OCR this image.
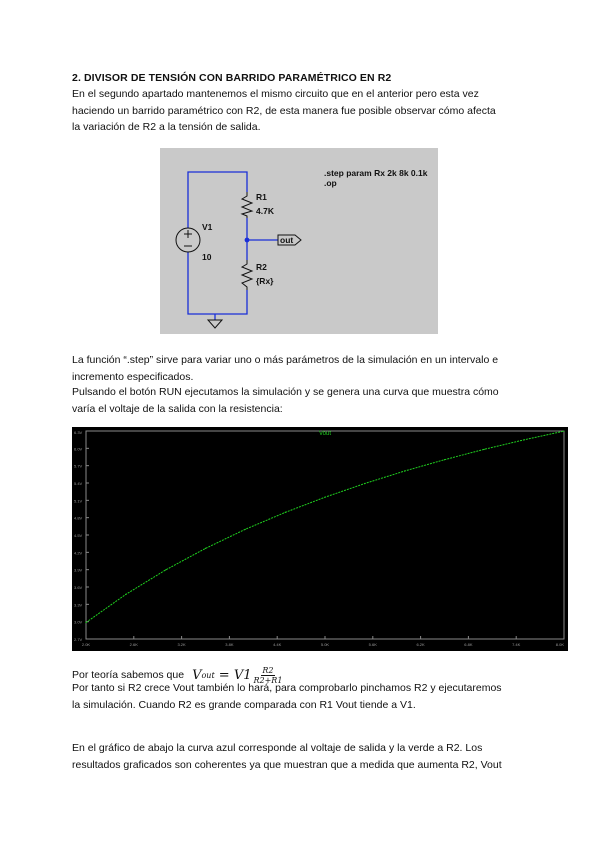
2. DIVISOR DE TENSIÓN CON BARRIDO PARAMÉTRICO EN R2

En el segundo apartado mantenemos el mismo circuito que en el anterior pero esta vez

haciendo un barrido paramétrico con R2, de esta manera fue posible observar cómo afecta

la variación de R2 a la tensión de salida.

R1
4.7K
V1
10
R2
{Rx}
out
.step param Rx 2k 8k 0.1k
.op

La función “.step” sirve para variar uno o más parámetros de la simulación en un intervalo e

incremento especificados.

Pulsando el botón RUN ejecutamos la simulación y se genera una curva que muestra cómo

varía el voltaje de la salida con la resistencia:

Vout
6.3V
6.0V
5.7V
5.4V
5.1V
4.8V
4.5V
4.2V
3.9V
3.6V
3.3V
3.0V
2.7V
2.0K	2.6K	3.2K	3.8K	4.4K	5.0K	5.6K	6.2K	6.8K	7.4K	8.0K
Por teoría sabemos que V out = $V1 \frac{R2}{R2+R1}$

Por tanto si R2 crece Vout también lo hará, para comprobarlo pinchamos R2 y ejecutaremos

la simulación. Cuando R2 es grande comparada con R1 Vout tiende a V1.

En el gráfico de abajo la curva azul corresponde al voltaje de salida y la verde a R2. Los

resultados graficados son coherentes ya que muestran que a medida que aumenta R2, Vout
